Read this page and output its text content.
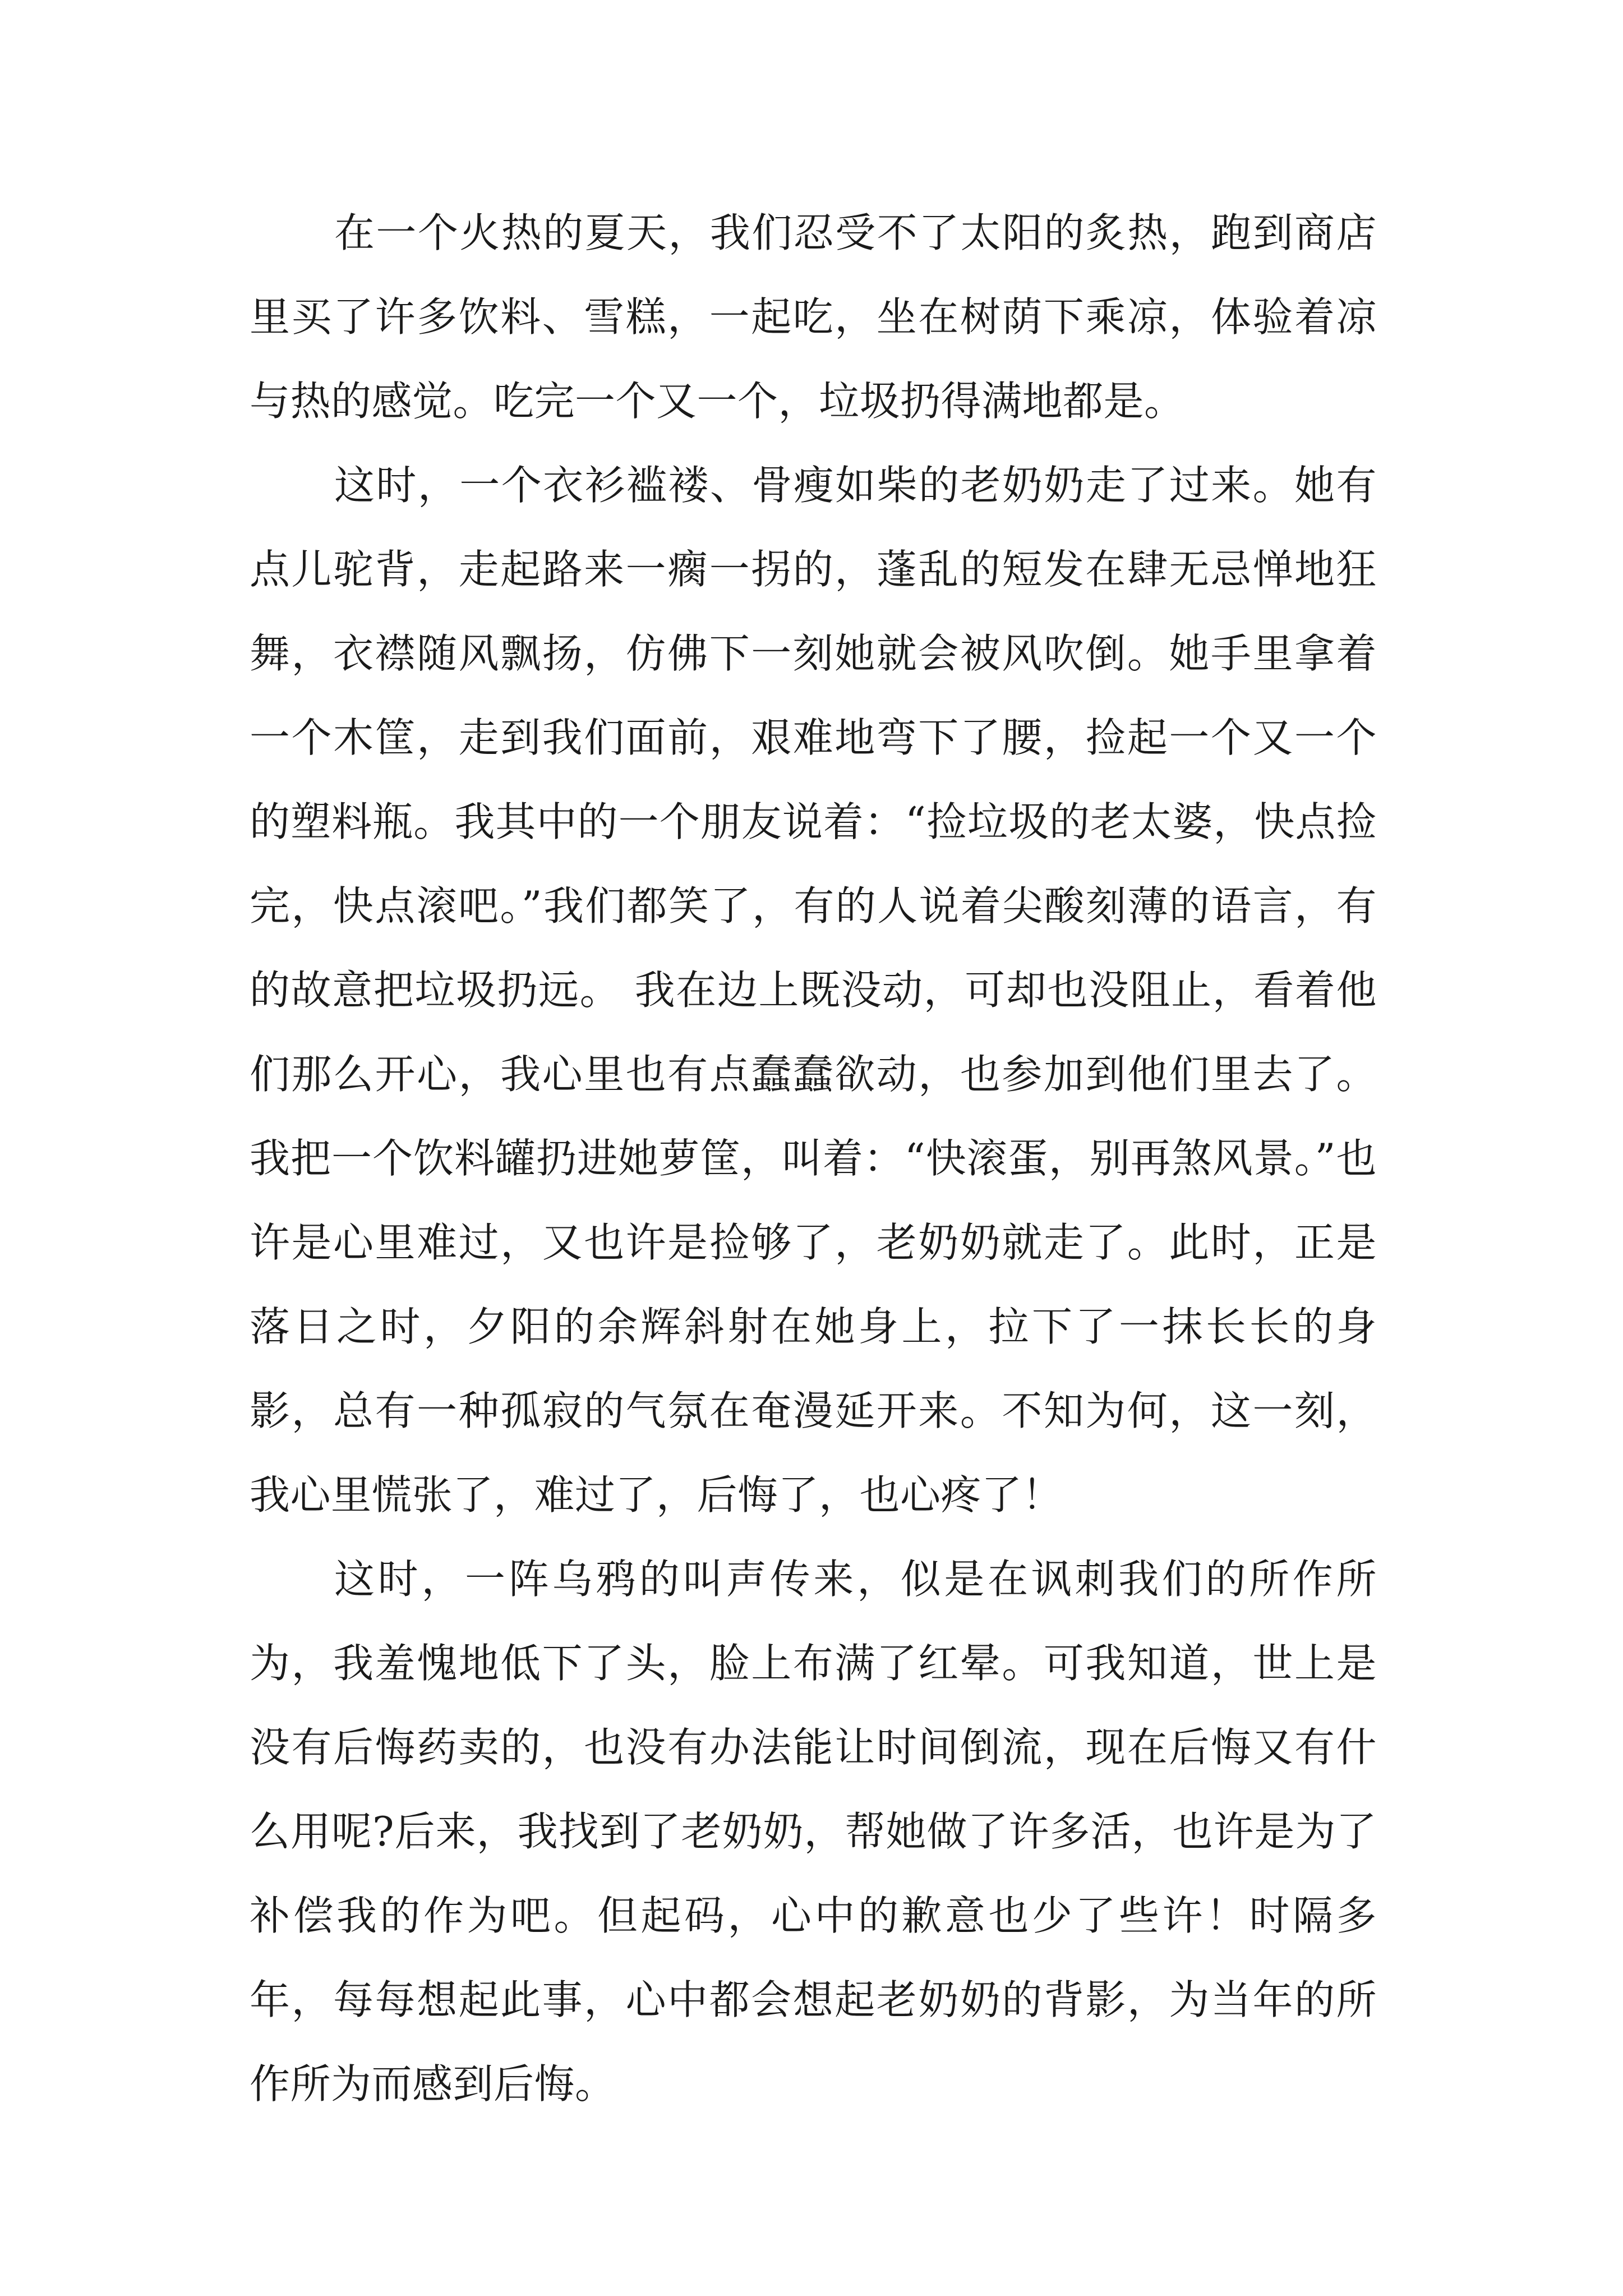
在一个火热的夏天，我们忍受不了太阳的炙热，跑到商店里买了许多饮料、雪糕，一起吃，坐在树荫下乘凉，体验着凉与热的感觉。吃完一个又一个，垃圾扔得满地都是。

这时，一个衣衫褴褛、骨瘦如柴的老奶奶走了过来。她有点儿驼背，走起路来一瘸一拐的，蓬乱的短发在肆无忌惮地狂舞，衣襟随风飘扬，仿佛下一刻她就会被风吹倒。她手里拿着一个木筐，走到我们面前，艰难地弯下了腰，捡起一个又一个的塑料瓶。我其中的一个朋友说着：“捡垃圾的老太婆，快点捡完，快点滚吧。”我们都笑了，有的人说着尖酸刻薄的语言，有的故意把垃圾扔远。 我在边上既没动，可却也没阻止，看着他们那么开心，我心里也有点蠢蠢欲动，也参加到他们里去了。我把一个饮料罐扔进她萝筐，叫着：“快滚蛋，别再煞风景。”也许是心里难过，又也许是捡够了，老奶奶就走了。此时，正是落日之时，夕阳的余辉斜射在她身上，拉下了一抹长长的身影，总有一种孤寂的气氛在奄漫延开来。不知为何，这一刻，我心里慌张了，难过了，后悔了，也心疼了！

这时，一阵乌鸦的叫声传来，似是在讽刺我们的所作所为，我羞愧地低下了头，脸上布满了红晕。可我知道，世上是没有后悔药卖的，也没有办法能让时间倒流，现在后悔又有什么用呢?后来，我找到了老奶奶，帮她做了许多活，也许是为了补偿我的作为吧。但起码，心中的歉意也少了些许！时隔多年，每每想起此事，心中都会想起老奶奶的背影，为当年的所作所为而感到后悔。
